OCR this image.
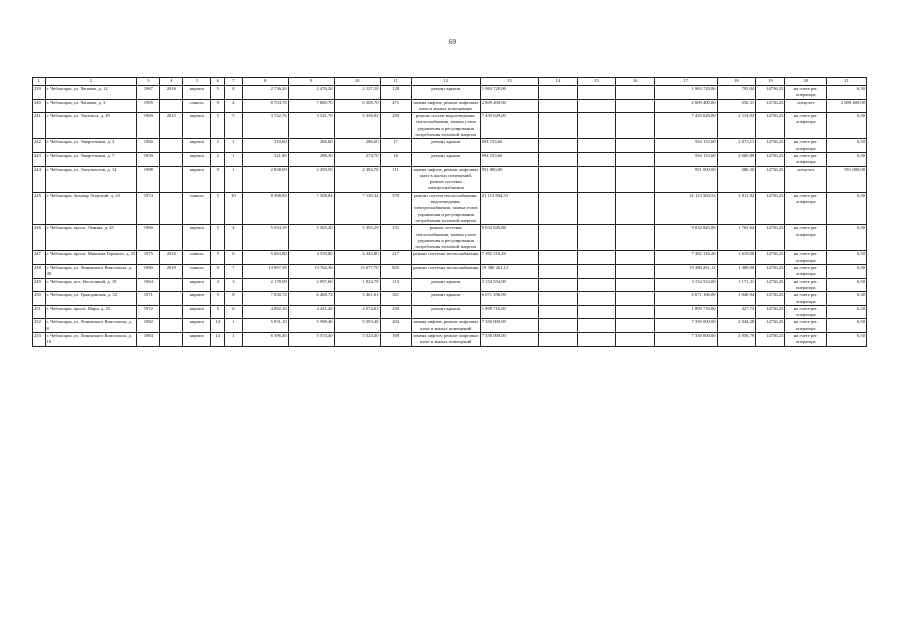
69
1	2	3	4	5	6	7	8	9	10	11	12	13	14	15	16	17	18	19	20	21
239	г. Чебоксары, ул. Чапаева, д. 12	1967	2016	кирпич	5	8	2 736,20	2 476,20	2 127,10	128	ремонт крыши	1 963 728,06				1 963 728,06	793,04	14736,25	на счете рег. оператора	6,30
240	г. Чебоксары, ул. Чапаева, д. 3	1985		панель	9	4	8 704,70	7 880,70	6 508,70	471	замена лифтов, ремонт лифтовых шахт в жилых помещениях	2 809 400,00				2 809 400,00	356,31	14736,25	спецсчет	2 809 400,00
241	г. Чебоксары, ул. Энгельса, д. 49	1969	2015	кирпич	5	5	3 742,76	3 521,78	3 356,92	259	ремонт систем водоотведения, теплоснабжения, замена узлов управления и регулирования потребления тепловой энергии	7 435 629,00				7 435 629,00	2 114,93	14736,25	на счете рег. оператора	6,30
242	г. Чебоксары, ул. Энергетиков, д. 3	1960		кирпич	2	1	310,60	286,60	286,60	17	ремонт крыши	594 153,60				594 153,60	2 073,11	14736,25	на счете рег. оператора	6,30
243	г. Чебоксары, ул. Энергетиков, д. 7	1959		кирпич	2	1	321,90	288,30	274,70	16	ремонт крыши	594 153,60				594 153,60	2 060,89	14736,25	на счете рег. оператора	6,30
244	г. Чебоксары, ул. Энтузиастов, д. 14	1988		кирпич	9	1	2 838,69	2 459,50	2 384,70	111	замена лифтов, ремонт лифтовых шахт в жилых помещений, ремонт системы электроснабжения	951 000,00				951 000,00	386,30	14736,25	спецсчет	951 000,00
245	г. Чебоксары, бульвар Эгерский, д. 23	1974		панель	5	10	8 398,84	7 508,84	7 130,34	379	ремонт систем теплоснабжения, водоотведения, электроснабжения, замена узлов управления и регулирования потребления тепловой энергии	21 113 504,53				21 113 504,53	2 811,82	14736,25	на счете рег. оператора	6,30
246	г. Чебоксары, просп. Ленина, д. 25	1960		кирпич	5	4	5 934,39	5 365,20	5 395,29	151	ремонт системы теплоснабжения, замена узлов управления и регулирования потребления тепловой энергии	9 032 845,86				9 032 845,86	1 762,64	14736,25	на счете рег. оператора	6,30
247	г. Чебоксары, просп. Максима Горького, д. 25	1975	2016	панель	5	6	5 063,80	4 559,80	4 342,80	217	ремонт системы теплоснабжения	7 382 316,26				7 382 316,26	1 619,00	14736,25	на счете рег. оператора	6,30
248	г. Чебоксары, ул. Ленинского Комсомола, д. 48	1980	2019	панель	9	7	13 967,59	13 764,36	13 077,70	835	ремонт системы теплоснабжения	19 380 261,12				19 380 261,12	1 408,00	14736,25	на счете рег. оператора	6,30
249	г. Чебоксары, пос. Восточный, д. 19	1964		кирпич	4	3	2 178,09	2 097,60	1 924,79	113	ремонт крыши	3 154 554,00				3 154 554,00	1 171,31	14736,25	на счете рег. оператора	6,30
250	г. Чебоксары, ул. Гражданская, д. 52	1971		кирпич	5	8	7 030,72	6 468,72	5 461,61	301	ремонт крыши	6 671 106,09				6 671 106,09	1 040,94	14736,25	на счете рег. оператора	6,30
251	г. Чебоксары, просп. Мира, д. 25	1972		кирпич	5	6	4 892,10	4 441,40	4 074,03	239	ремонт крыши	1 899 716,00				1 899 716,00	427,73	14736,25	на счете рег. оператора	6,30
252	г. Чебоксары, ул. Ленинского Комсомола, д. 8	1982		кирпич	14	1	5 931,10	5 598,40	5 593,40	204	замена лифтов, ремонт лифтовых шахт в жилых помещений	7 350 000,00				7 350 000,00	2 044,28	14736,25	на счете рег. оператора	6,30
253	г. Чебоксары, ул. Ленинского Комсомола, д. 10	1984		кирпич	14	1	6 196,40	5 574,40	5 524,40	169	замена лифтов, ремонт лифтовых шахт в жилых помещений	7 350 000,00				7 350 000,00	2 056,79	14736,25	на счете рег. оператора	6,30
